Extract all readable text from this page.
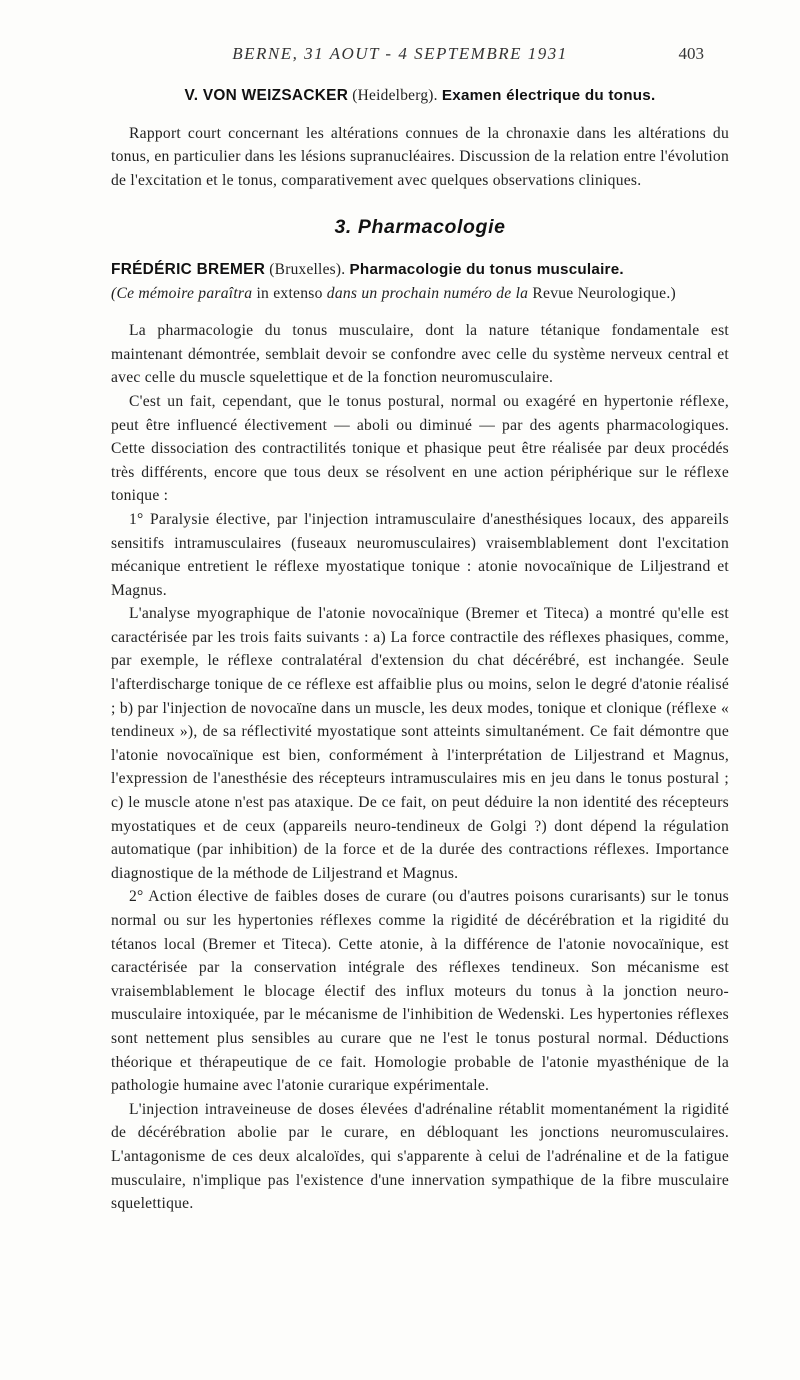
BERNE, 31 AOUT - 4 SEPTEMBRE 1931	403
V. VON WEIZSACKER (Heidelberg). Examen électrique du tonus.

Rapport court concernant les altérations connues de la chronaxie dans les altérations du tonus, en particulier dans les lésions supranucléaires. Discussion de la relation entre l'évolution de l'excitation et le tonus, comparativement avec quelques observations cliniques.

3. Pharmacologie
FRÉDÉRIC BREMER (Bruxelles). Pharmacologie du tonus musculaire.
(Ce mémoire paraîtra in extenso dans un prochain numéro de la Revue Neurologique.)

La pharmacologie du tonus musculaire, dont la nature tétanique fondamentale est maintenant démontrée, semblait devoir se confondre avec celle du système nerveux central et avec celle du muscle squelettique et de la fonction neuromusculaire.

C'est un fait, cependant, que le tonus postural, normal ou exagéré en hypertonie réflexe, peut être influencé électivement — aboli ou diminué — par des agents pharmacologiques. Cette dissociation des contractilités tonique et phasique peut être réalisée par deux procédés très différents, encore que tous deux se résolvent en une action périphérique sur le réflexe tonique :

1° Paralysie élective, par l'injection intramusculaire d'anesthésiques locaux, des appareils sensitifs intramusculaires (fuseaux neuromusculaires) vraisemblablement dont l'excitation mécanique entretient le réflexe myostatique tonique : atonie novocaïnique de Liljestrand et Magnus.

L'analyse myographique de l'atonie novocaïnique (Bremer et Titeca) a montré qu'elle est caractérisée par les trois faits suivants : a) La force contractile des réflexes phasiques, comme, par exemple, le réflexe contralatéral d'extension du chat décérébré, est inchangée. Seule l'afterdischarge tonique de ce réflexe est affaiblie plus ou moins, selon le degré d'atonie réalisé ; b) par l'injection de novocaïne dans un muscle, les deux modes, tonique et clonique (réflexe « tendineux »), de sa réflectivité myostatique sont atteints simultanément. Ce fait démontre que l'atonie novocaïnique est bien, conformément à l'interprétation de Liljestrand et Magnus, l'expression de l'anesthésie des récepteurs intramusculaires mis en jeu dans le tonus postural ; c) le muscle atone n'est pas ataxique. De ce fait, on peut déduire la non identité des récepteurs myostatiques et de ceux (appareils neuro-tendineux de Golgi ?) dont dépend la régulation automatique (par inhibition) de la force et de la durée des contractions réflexes. Importance diagnostique de la méthode de Liljestrand et Magnus.

2° Action élective de faibles doses de curare (ou d'autres poisons curarisants) sur le tonus normal ou sur les hypertonies réflexes comme la rigidité de décérébration et la rigidité du tétanos local (Bremer et Titeca). Cette atonie, à la différence de l'atonie novocaïnique, est caractérisée par la conservation intégrale des réflexes tendineux. Son mécanisme est vraisemblablement le blocage électif des influx moteurs du tonus à la jonction neuro-musculaire intoxiquée, par le mécanisme de l'inhibition de Wedenski. Les hypertonies réflexes sont nettement plus sensibles au curare que ne l'est le tonus postural normal. Déductions théorique et thérapeutique de ce fait. Homologie probable de l'atonie myasthénique de la pathologie humaine avec l'atonie curarique expérimentale.

L'injection intraveineuse de doses élevées d'adrénaline rétablit momentanément la rigidité de décérébration abolie par le curare, en débloquant les jonctions neuromusculaires. L'antagonisme de ces deux alcaloïdes, qui s'apparente à celui de l'adrénaline et de la fatigue musculaire, n'implique pas l'existence d'une innervation sympathique de la fibre musculaire squelettique.
